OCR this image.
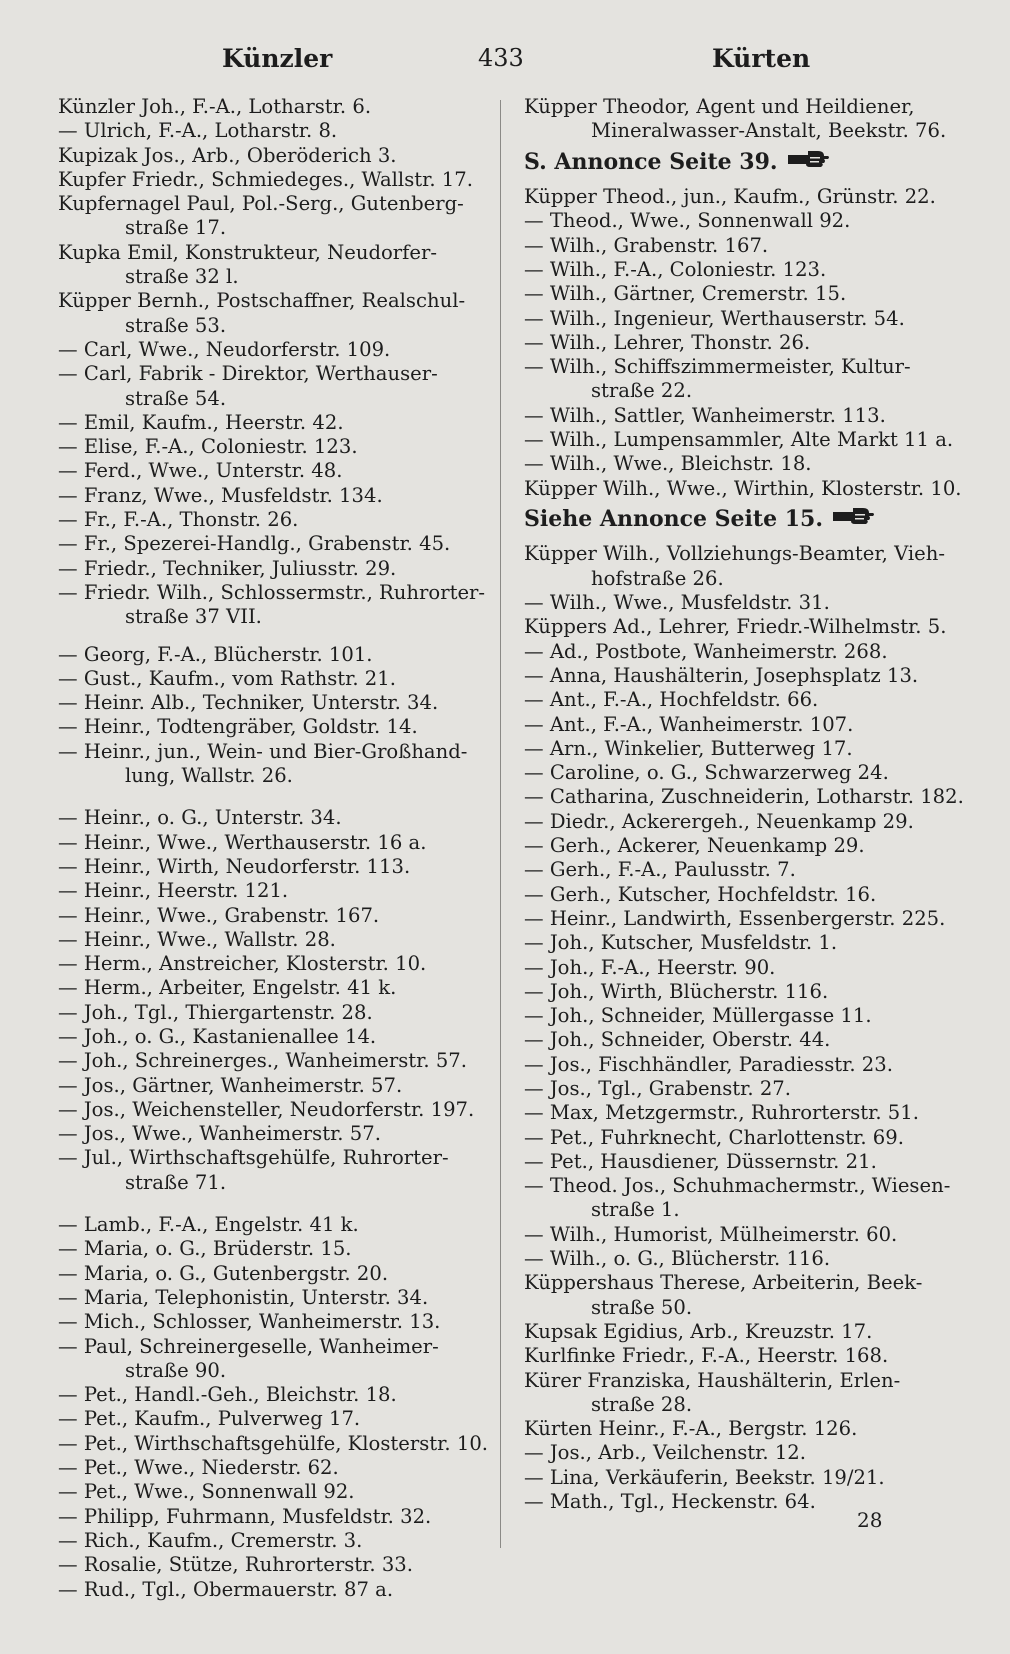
Künzler	433	Kürten
Künzler Joh., F.-A., Lotharstr. 6.
— Ulrich, F.-A., Lotharstr. 8.
Kupizak Jos., Arb., Oberöderich 3.
Kupfer Friedr., Schmiedeges., Wallstr. 17.
Kupfernagel Paul, Pol.-Serg., Gutenberg-
straße 17.
Kupka Emil, Konstrukteur, Neudorfer-
straße 32 l.
Küpper Bernh., Postschaffner, Realschul-
straße 53.
— Carl, Wwe., Neudorferstr. 109.
— Carl, Fabrik - Direktor, Werthauser-
straße 54.
— Emil, Kaufm., Heerstr. 42.
— Elise, F.-A., Coloniestr. 123.
— Ferd., Wwe., Unterstr. 48.
— Franz, Wwe., Musfeldstr. 134.
— Fr., F.-A., Thonstr. 26.
— Fr., Spezerei-Handlg., Grabenstr. 45.
— Friedr., Techniker, Juliusstr. 29.
— Friedr. Wilh., Schlossermstr., Ruhrorter-
straße 37 VII.
— Georg, F.-A., Blücherstr. 101.
— Gust., Kaufm., vom Rathstr. 21.
— Heinr. Alb., Techniker, Unterstr. 34.
— Heinr., Todtengräber, Goldstr. 14.
— Heinr., jun., Wein- und Bier-Großhand-
lung, Wallstr. 26.
— Heinr., o. G., Unterstr. 34.
— Heinr., Wwe., Werthauserstr. 16 a.
— Heinr., Wirth, Neudorferstr. 113.
— Heinr., Heerstr. 121.
— Heinr., Wwe., Grabenstr. 167.
— Heinr., Wwe., Wallstr. 28.
— Herm., Anstreicher, Klosterstr. 10.
— Herm., Arbeiter, Engelstr. 41 k.
— Joh., Tgl., Thiergartenstr. 28.
— Joh., o. G., Kastanienallee 14.
— Joh., Schreinerges., Wanheimerstr. 57.
— Jos., Gärtner, Wanheimerstr. 57.
— Jos., Weichensteller, Neudorferstr. 197.
— Jos., Wwe., Wanheimerstr. 57.
— Jul., Wirthschaftsgehülfe, Ruhrorter-
straße 71.
— Lamb., F.-A., Engelstr. 41 k.
— Maria, o. G., Brüderstr. 15.
— Maria, o. G., Gutenbergstr. 20.
— Maria, Telephonistin, Unterstr. 34.
— Mich., Schlosser, Wanheimerstr. 13.
— Paul, Schreinergeselle, Wanheimer-
straße 90.
— Pet., Handl.-Geh., Bleichstr. 18.
— Pet., Kaufm., Pulverweg 17.
— Pet., Wirthschaftsgehülfe, Klosterstr. 10.
— Pet., Wwe., Niederstr. 62.
— Pet., Wwe., Sonnenwall 92.
— Philipp, Fuhrmann, Musfeldstr. 32.
— Rich., Kaufm., Cremerstr. 3.
— Rosalie, Stütze, Ruhrorterstr. 33.
— Rud., Tgl., Obermauerstr. 87 a.
Küpper Theodor, Agent und Heildiener,
Mineralwasser-Anstalt, Beekstr. 76.
S. Annonce Seite 39.
Küpper Theod., jun., Kaufm., Grünstr. 22.
— Theod., Wwe., Sonnenwall 92.
— Wilh., Grabenstr. 167.
— Wilh., F.-A., Coloniestr. 123.
— Wilh., Gärtner, Cremerstr. 15.
— Wilh., Ingenieur, Werthauserstr. 54.
— Wilh., Lehrer, Thonstr. 26.
— Wilh., Schiffszimmermeister, Kultur-
straße 22.
— Wilh., Sattler, Wanheimerstr. 113.
— Wilh., Lumpensammler, Alte Markt 11 a.
— Wilh., Wwe., Bleichstr. 18.
Küpper Wilh., Wwe., Wirthin, Klosterstr. 10.
Siehe Annonce Seite 15.
Küpper Wilh., Vollziehungs-Beamter, Vieh-
hofstraße 26.
— Wilh., Wwe., Musfeldstr. 31.
Küppers Ad., Lehrer, Friedr.-Wilhelmstr. 5.
— Ad., Postbote, Wanheimerstr. 268.
— Anna, Haushälterin, Josephsplatz 13.
— Ant., F.-A., Hochfeldstr. 66.
— Ant., F.-A., Wanheimerstr. 107.
— Arn., Winkelier, Butterweg 17.
— Caroline, o. G., Schwarzerweg 24.
— Catharina, Zuschneiderin, Lotharstr. 182.
— Diedr., Ackerergeh., Neuenkamp 29.
— Gerh., Ackerer, Neuenkamp 29.
— Gerh., F.-A., Paulusstr. 7.
— Gerh., Kutscher, Hochfeldstr. 16.
— Heinr., Landwirth, Essenbergerstr. 225.
— Joh., Kutscher, Musfeldstr. 1.
— Joh., F.-A., Heerstr. 90.
— Joh., Wirth, Blücherstr. 116.
— Joh., Schneider, Müllergasse 11.
— Joh., Schneider, Oberstr. 44.
— Jos., Fischhändler, Paradiesstr. 23.
— Jos., Tgl., Grabenstr. 27.
— Max, Metzgermstr., Ruhrorterstr. 51.
— Pet., Fuhrknecht, Charlottenstr. 69.
— Pet., Hausdiener, Düssernstr. 21.
— Theod. Jos., Schuhmachermstr., Wiesen-
straße 1.
— Wilh., Humorist, Mülheimerstr. 60.
— Wilh., o. G., Blücherstr. 116.
Küppershaus Therese, Arbeiterin, Beek-
straße 50.
Kupsak Egidius, Arb., Kreuzstr. 17.
Kurlfinke Friedr., F.-A., Heerstr. 168.
Kürer Franziska, Haushälterin, Erlen-
straße 28.
Kürten Heinr., F.-A., Bergstr. 126.
— Jos., Arb., Veilchenstr. 12.
— Lina, Verkäuferin, Beekstr. 19/21.
— Math., Tgl., Heckenstr. 64.
28
